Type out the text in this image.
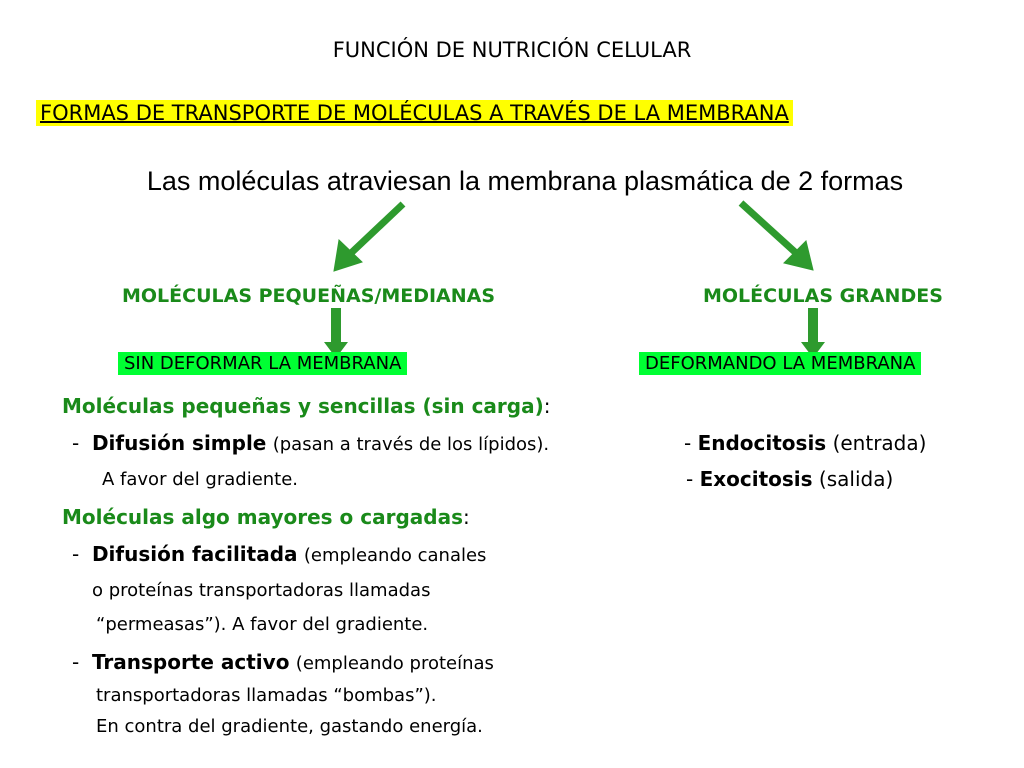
FUNCIÓN DE NUTRICIÓN CELULAR
FORMAS DE TRANSPORTE DE MOLÉCULAS A TRAVÉS DE LA MEMBRANA
Las moléculas atraviesan la membrana plasmática de 2 formas
MOLÉCULAS PEQUEÑAS/MEDIANAS	MOLÉCULAS GRANDES
SIN DEFORMAR LA MEMBRANA	DEFORMANDO LA MEMBRANA
Moléculas pequeñas y sencillas (sin carga):
- Difusión simple (pasan a través de los lípidos).
A favor del gradiente.
Moléculas algo mayores o cargadas:
- Difusión facilitada (empleando canales
o proteínas transportadoras llamadas
“permeasas”). A favor del gradiente.
- Transporte activo (empleando proteínas
transportadoras llamadas “bombas”).
En contra del gradiente, gastando energía.
- Endocitosis (entrada)
- Exocitosis (salida)
